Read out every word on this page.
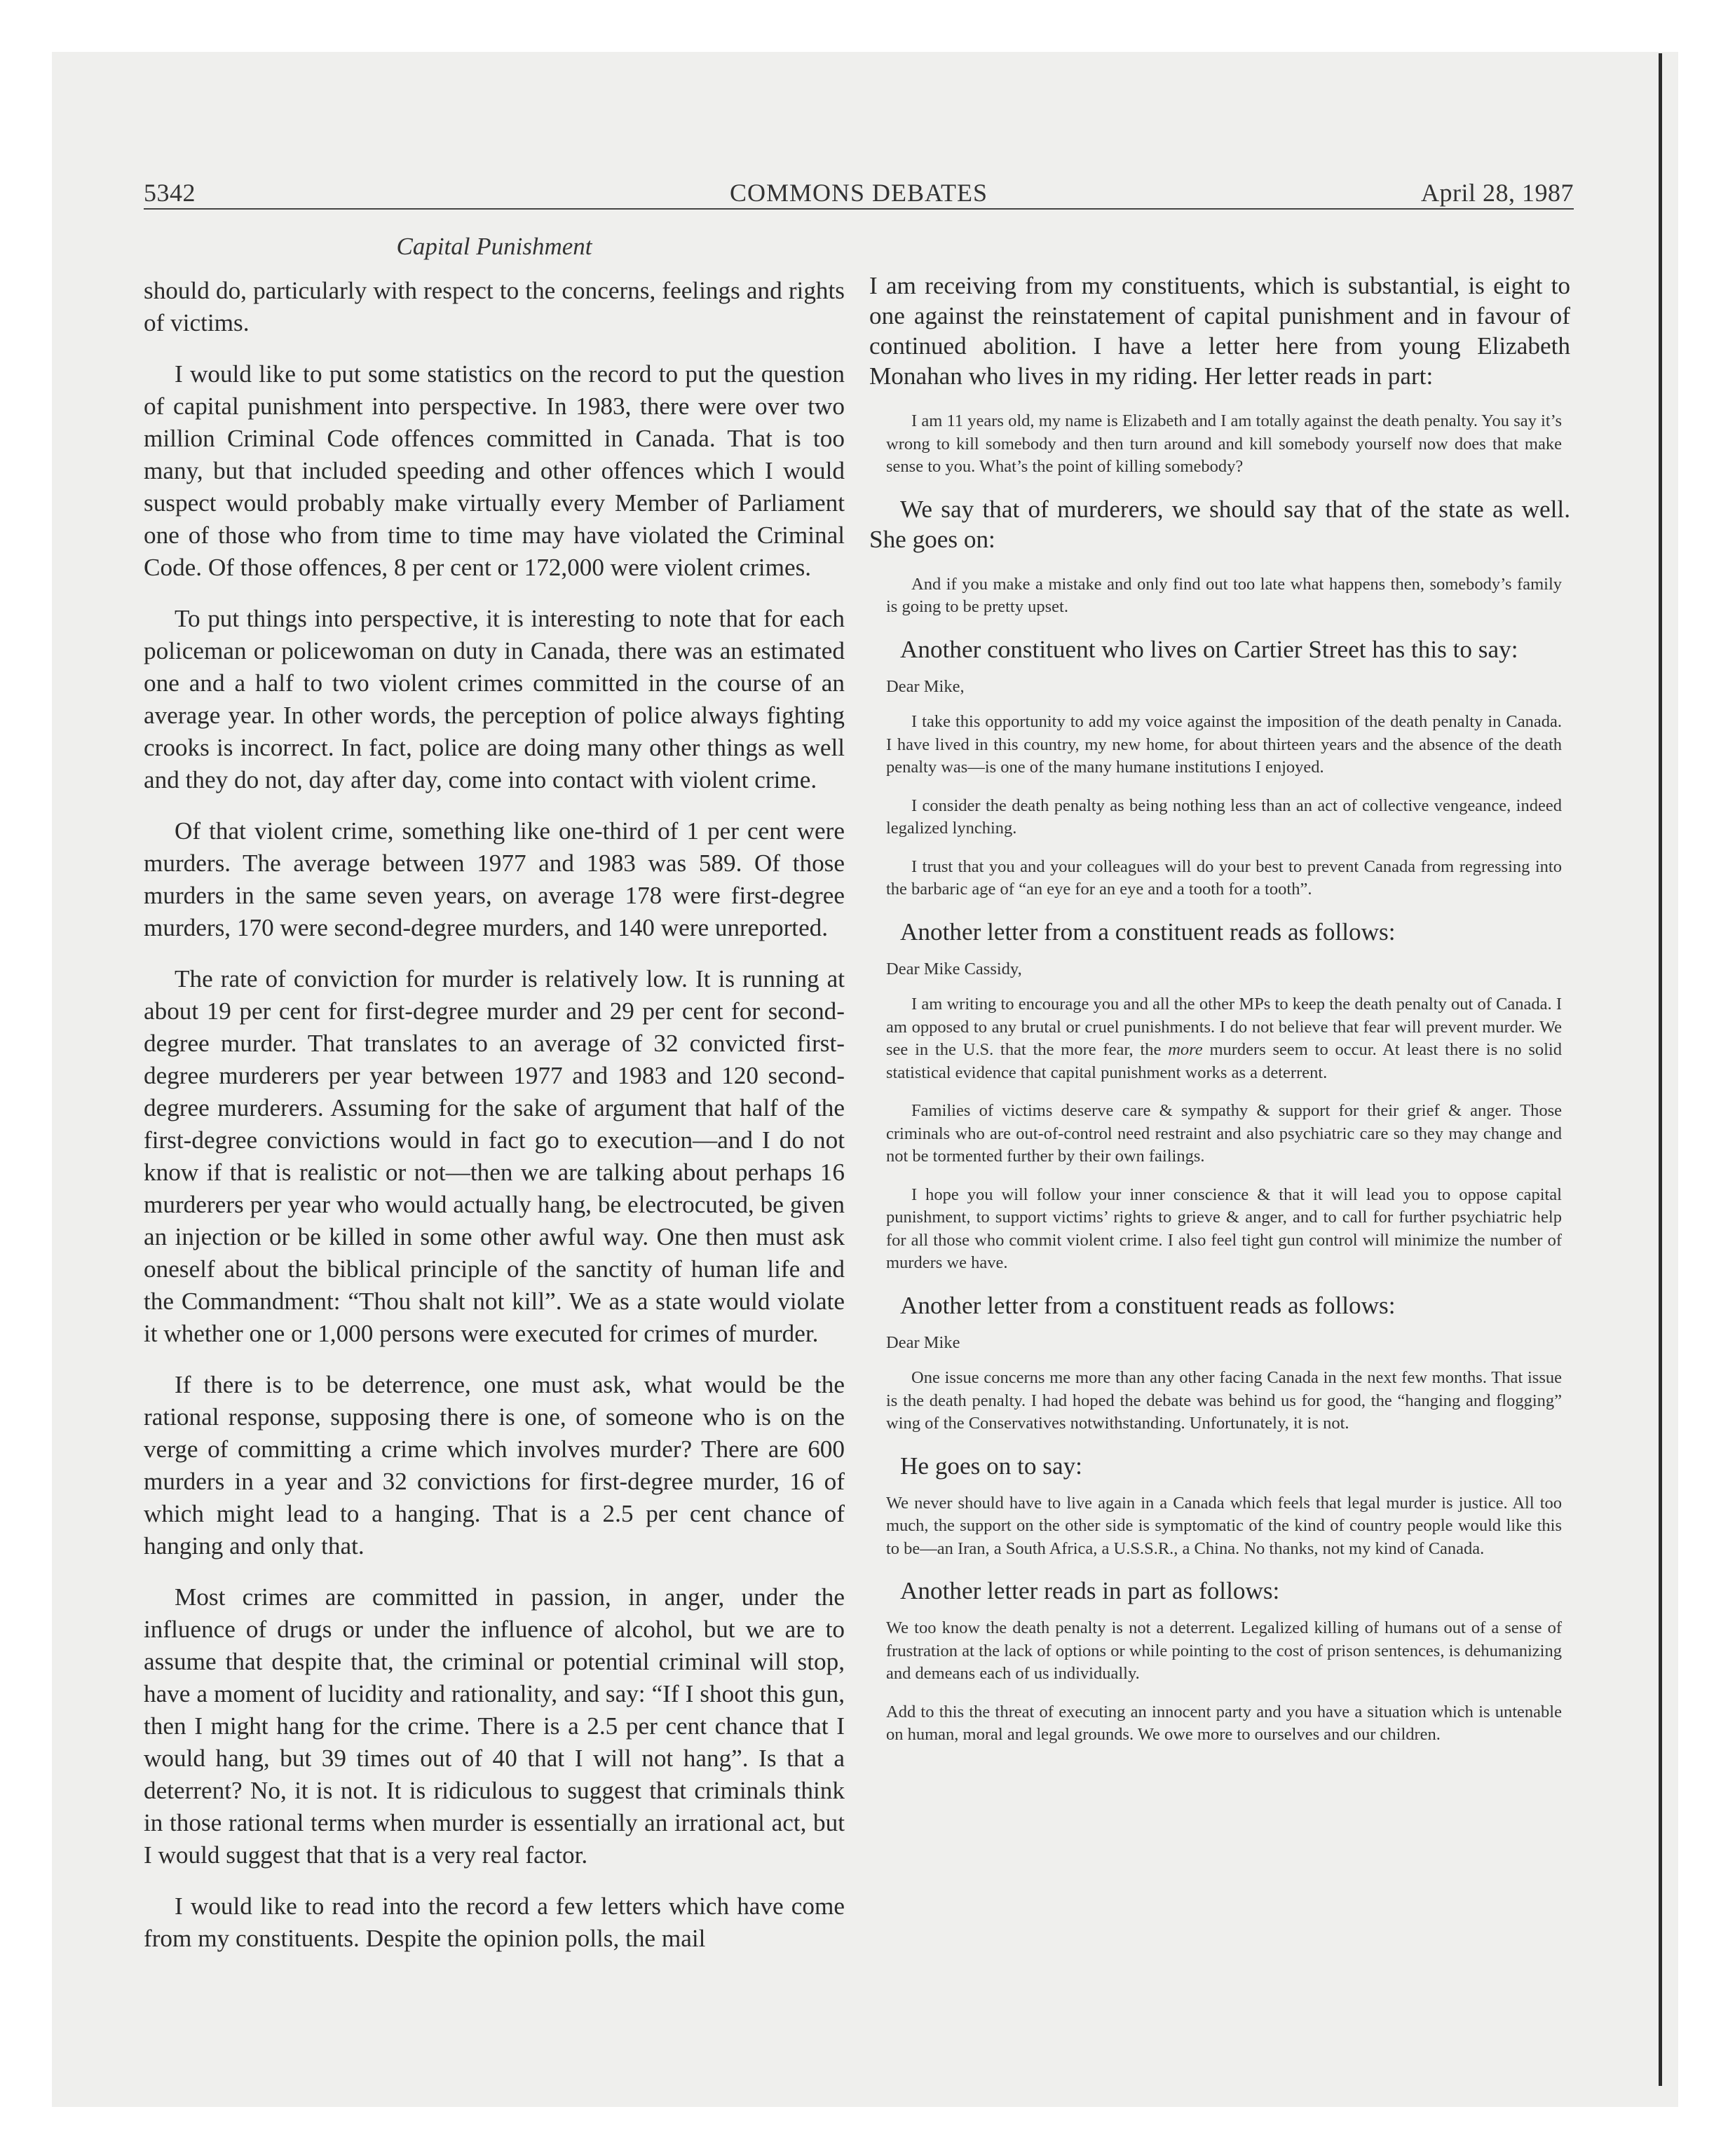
5342	COMMONS DEBATES	April 28, 1987
Capital Punishment

should do, particularly with respect to the concerns, feelings and rights of victims.

I would like to put some statistics on the record to put the question of capital punishment into perspective. In 1983, there were over two million Criminal Code offences committed in Canada. That is too many, but that included speeding and other offences which I would suspect would probably make virtually every Member of Parliament one of those who from time to time may have violated the Criminal Code. Of those offences, 8 per cent or 172,000 were violent crimes.

To put things into perspective, it is interesting to note that for each policeman or policewoman on duty in Canada, there was an estimated one and a half to two violent crimes committed in the course of an average year. In other words, the perception of police always fighting crooks is incorrect. In fact, police are doing many other things as well and they do not, day after day, come into contact with violent crime.

Of that violent crime, something like one-third of 1 per cent were murders. The average between 1977 and 1983 was 589. Of those murders in the same seven years, on average 178 were first-degree murders, 170 were second-degree murders, and 140 were unreported.

The rate of conviction for murder is relatively low. It is running at about 19 per cent for first-degree murder and 29 per cent for second-degree murder. That translates to an average of 32 convicted first-degree murderers per year between 1977 and 1983 and 120 second-degree murderers. Assuming for the sake of argument that half of the first-degree convictions would in fact go to execution—and I do not know if that is realistic or not—then we are talking about perhaps 16 murderers per year who would actually hang, be electrocuted, be given an injection or be killed in some other awful way. One then must ask oneself about the biblical principle of the sanctity of human life and the Commandment: “Thou shalt not kill”. We as a state would violate it whether one or 1,000 persons were executed for crimes of murder.

If there is to be deterrence, one must ask, what would be the rational response, supposing there is one, of someone who is on the verge of committing a crime which involves murder? There are 600 murders in a year and 32 convictions for first-degree murder, 16 of which might lead to a hanging. That is a 2.5 per cent chance of hanging and only that.

Most crimes are committed in passion, in anger, under the influence of drugs or under the influence of alcohol, but we are to assume that despite that, the criminal or potential criminal will stop, have a moment of lucidity and rationality, and say: “If I shoot this gun, then I might hang for the crime. There is a 2.5 per cent chance that I would hang, but 39 times out of 40 that I will not hang”. Is that a deterrent? No, it is not. It is ridiculous to suggest that criminals think in those rational terms when murder is essentially an irrational act, but I would suggest that that is a very real factor.

I would like to read into the record a few letters which have come from my constituents. Despite the opinion polls, the mail

I am receiving from my constituents, which is substantial, is eight to one against the reinstatement of capital punishment and in favour of continued abolition. I have a letter here from young Elizabeth Monahan who lives in my riding. Her letter reads in part:

I am 11 years old, my name is Elizabeth and I am totally against the death penalty. You say it’s wrong to kill somebody and then turn around and kill somebody yourself now does that make sense to you. What’s the point of killing somebody?

We say that of murderers, we should say that of the state as well. She goes on:

And if you make a mistake and only find out too late what happens then, somebody’s family is going to be pretty upset.

Another constituent who lives on Cartier Street has this to say:

Dear Mike,

I take this opportunity to add my voice against the imposition of the death penalty in Canada. I have lived in this country, my new home, for about thirteen years and the absence of the death penalty was—is one of the many humane institutions I enjoyed.

I consider the death penalty as being nothing less than an act of collective vengeance, indeed legalized lynching.

I trust that you and your colleagues will do your best to prevent Canada from regressing into the barbaric age of “an eye for an eye and a tooth for a tooth”.

Another letter from a constituent reads as follows:

Dear Mike Cassidy,

I am writing to encourage you and all the other MPs to keep the death penalty out of Canada. I am opposed to any brutal or cruel punishments. I do not believe that fear will prevent murder. We see in the U.S. that the more fear, the more murders seem to occur. At least there is no solid statistical evidence that capital punishment works as a deterrent.

Families of victims deserve care & sympathy & support for their grief & anger. Those criminals who are out-of-control need restraint and also psychiatric care so they may change and not be tormented further by their own failings.

I hope you will follow your inner conscience & that it will lead you to oppose capital punishment, to support victims’ rights to grieve & anger, and to call for further psychiatric help for all those who commit violent crime. I also feel tight gun control will minimize the number of murders we have.

Another letter from a constituent reads as follows:

Dear Mike

One issue concerns me more than any other facing Canada in the next few months. That issue is the death penalty. I had hoped the debate was behind us for good, the “hanging and flogging” wing of the Conservatives notwithstanding. Unfortunately, it is not.

He goes on to say:

We never should have to live again in a Canada which feels that legal murder is justice. All too much, the support on the other side is symptomatic of the kind of country people would like this to be—an Iran, a South Africa, a U.S.S.R., a China. No thanks, not my kind of Canada.

Another letter reads in part as follows:

We too know the death penalty is not a deterrent. Legalized killing of humans out of a sense of frustration at the lack of options or while pointing to the cost of prison sentences, is dehumanizing and demeans each of us individually.

Add to this the threat of executing an innocent party and you have a situation which is untenable on human, moral and legal grounds. We owe more to ourselves and our children.
